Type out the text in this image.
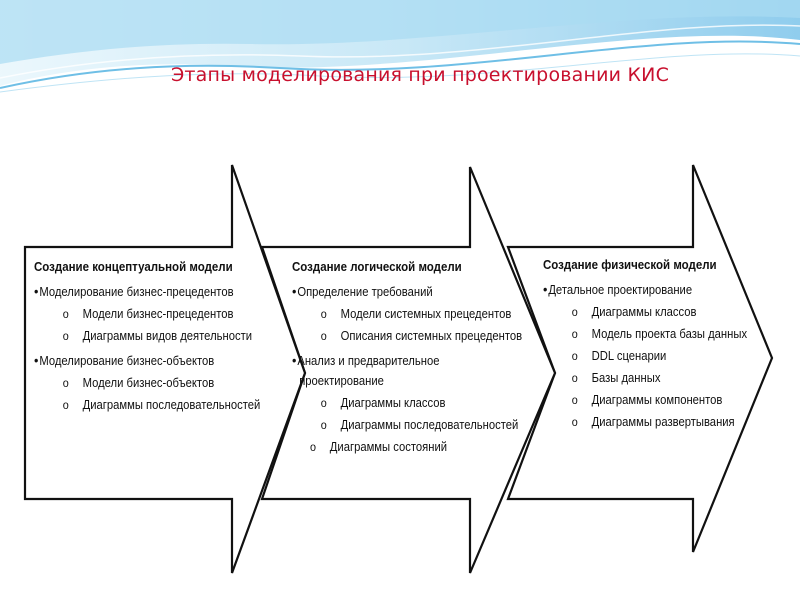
Этапы моделирования при проектировании КИС
Создание концептуальной модели
• Моделирование бизнес-прецедентов
o Модели бизнес-прецедентов
o Диаграммы видов деятельности
• Моделирование бизнес-объектов
o Модели бизнес-объектов
o Диаграммы последовательностей
Создание логической модели
• Определение требований
o Модели системных прецедентов
o Описания системных прецедентов
• Анализ и предварительное
проектирование
o Диаграммы классов
o Диаграммы последовательностей
o Диаграммы состояний
Создание физической модели
• Детальное проектирование
o Диаграммы классов
o Модель проекта базы данных
o DDL сценарии
o Базы данных
o Диаграммы компонентов
o Диаграммы развертывания
